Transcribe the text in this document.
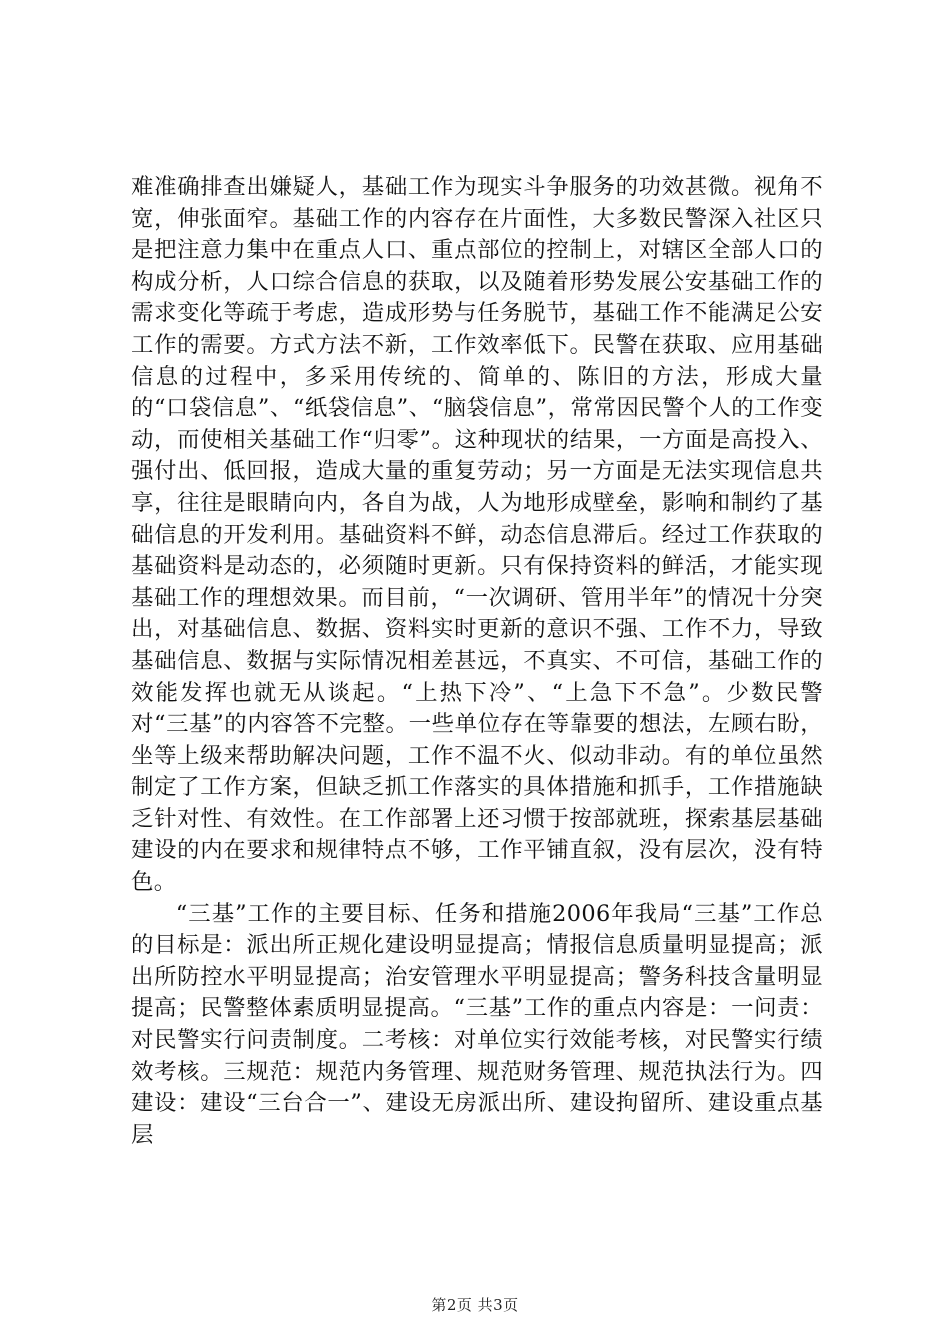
难准确排查出嫌疑人，基础工作为现实斗争服务的功效甚微。视角不宽，伸张面窄。基础工作的内容存在片面性，大多数民警深入社区只是把注意力集中在重点人口、重点部位的控制上，对辖区全部人口的构成分析，人口综合信息的获取，以及随着形势发展公安基础工作的需求变化等疏于考虑，造成形势与任务脱节，基础工作不能满足公安工作的需要。方式方法不新，工作效率低下。民警在获取、应用基础信息的过程中，多采用传统的、简单的、陈旧的方法，形成大量的“口袋信息”、“纸袋信息”、“脑袋信息”，常常因民警个人的工作变动，而使相关基础工作“归零”。这种现状的结果，一方面是高投入、强付出、低回报，造成大量的重复劳动；另一方面是无法实现信息共享，往往是眼睛向内，各自为战，人为地形成壁垒，影响和制约了基础信息的开发利用。基础资料不鲜，动态信息滞后。经过工作获取的基础资料是动态的，必须随时更新。只有保持资料的鲜活，才能实现基础工作的理想效果。而目前，“一次调研、管用半年”的情况十分突出，对基础信息、数据、资料实时更新的意识不强、工作不力，导致基础信息、数据与实际情况相差甚远，不真实、不可信，基础工作的效能发挥也就无从谈起。“上热下冷”、“上急下不急”。少数民警对“三基”的内容答不完整。一些单位存在等靠要的想法，左顾右盼，坐等上级来帮助解决问题，工作不温不火、似动非动。有的单位虽然制定了工作方案，但缺乏抓工作落实的具体措施和抓手，工作措施缺乏针对性、有效性。在工作部署上还习惯于按部就班，探索基层基础建设的内在要求和规律特点不够，工作平铺直叙，没有层次，没有特色。

“三基”工作的主要目标、任务和措施2006年我局“三基”工作总的目标是：派出所正规化建设明显提高；情报信息质量明显提高；派出所防控水平明显提高；治安管理水平明显提高；警务科技含量明显提高；民警整体素质明显提高。“三基”工作的重点内容是：一问责：对民警实行问责制度。二考核：对单位实行效能考核，对民警实行绩效考核。三规范：规范内务管理、规范财务管理、规范执法行为。四建设：建设“三台合一”、建设无房派出所、建设拘留所、建设重点基层

第2页 共3页
